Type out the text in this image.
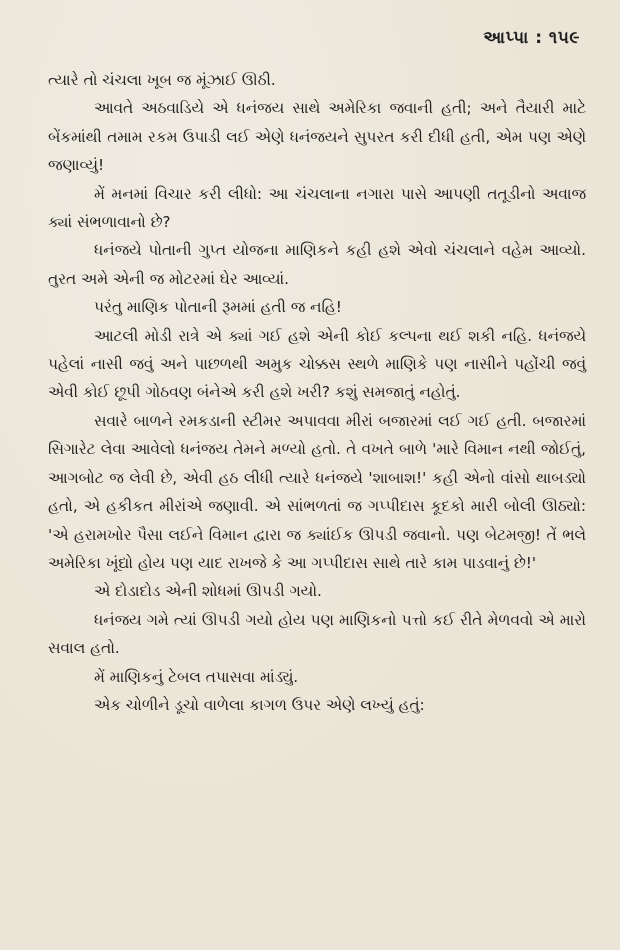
આપ્પા : ૧૫૯

ત્યારે તો ચંચલા ખૂબ જ મૂંઝાઈ ઊઠી.

આવતે અઠવાડિયે એ ધનંજય સાથે અમેરિકા જવાની હતી; અને તૈયારી માટે બેંકમાંથી તમામ રકમ ઉપાડી લઈ એણે ધનંજયને સુપરત કરી દીધી હતી, એમ પણ એણે જણાવ્યું!

મેં મનમાં વિચાર કરી લીધો: આ ચંચલાના નગારા પાસે આપણી તતૂડીનો અવાજ ક્યાં સંભળાવાનો છે?

ધનંજયે પોતાની ગુપ્ત યોજના માણિકને કહી હશે એવો ચંચલાને વહેમ આવ્યો. તુરત અમે એની જ મોટરમાં ઘેર આવ્યાં.

પરંતુ માણિક પોતાની રૂમમાં હતી જ નહિ!

આટલી મોડી રાત્રે એ ક્યાં ગઈ હશે એની કોઈ કલ્પના થઈ શકી નહિ. ધનંજયે પહેલાં નાસી જવું અને પાછળથી અમુક ચોક્કસ સ્થળે માણિકે પણ નાસીને પહોંચી જવું એવી કોઈ છૂપી ગોઠવણ બંનેએ કરી હશે ખરી? કશું સમજાતું નહોતું.

સવારે બાળને રમકડાની સ્ટીમર અપાવવા મીરાં બજારમાં લઈ ગઈ હતી. બજારમાં સિગારેટ લેવા આવેલો ધનંજય તેમને મળ્યો હતો. તે વખતે બાળે 'મારે વિમાન નથી જોઈતું, આગબોટ જ લેવી છે, એવી હઠ લીધી ત્યારે ધનંજયે 'શાબાશ!' કહી એનો વાંસો થાબડ્યો હતો, એ હકીકત મીરાંએ જણાવી. એ સાંભળતાં જ ગપ્પીદાસ કૂદકો મારી બોલી ઊઠ્યો: 'એ હરામખોર પૈસા લઈને વિમાન દ્વારા જ ક્યાંઈક ઊપડી જવાનો. પણ બેટમજી! તેં ભલે અમેરિકા ખૂંદ્યો હોય પણ યાદ રાખજે કે આ ગપ્પીદાસ સાથે તારે કામ પાડવાનું છે!'

એ દોડાદોડ એની શોધમાં ઊપડી ગયો.

ધનંજય ગમે ત્યાં ઊપડી ગયો હોય પણ માણિકનો પત્તો કઈ રીતે મેળવવો એ મારો સવાલ હતો.

મેં માણિકનું ટેબલ તપાસવા માંડ્યું.

એક ચોળીને ડૂચો વાળેલા કાગળ ઉપર એણે લખ્યું હતું:
